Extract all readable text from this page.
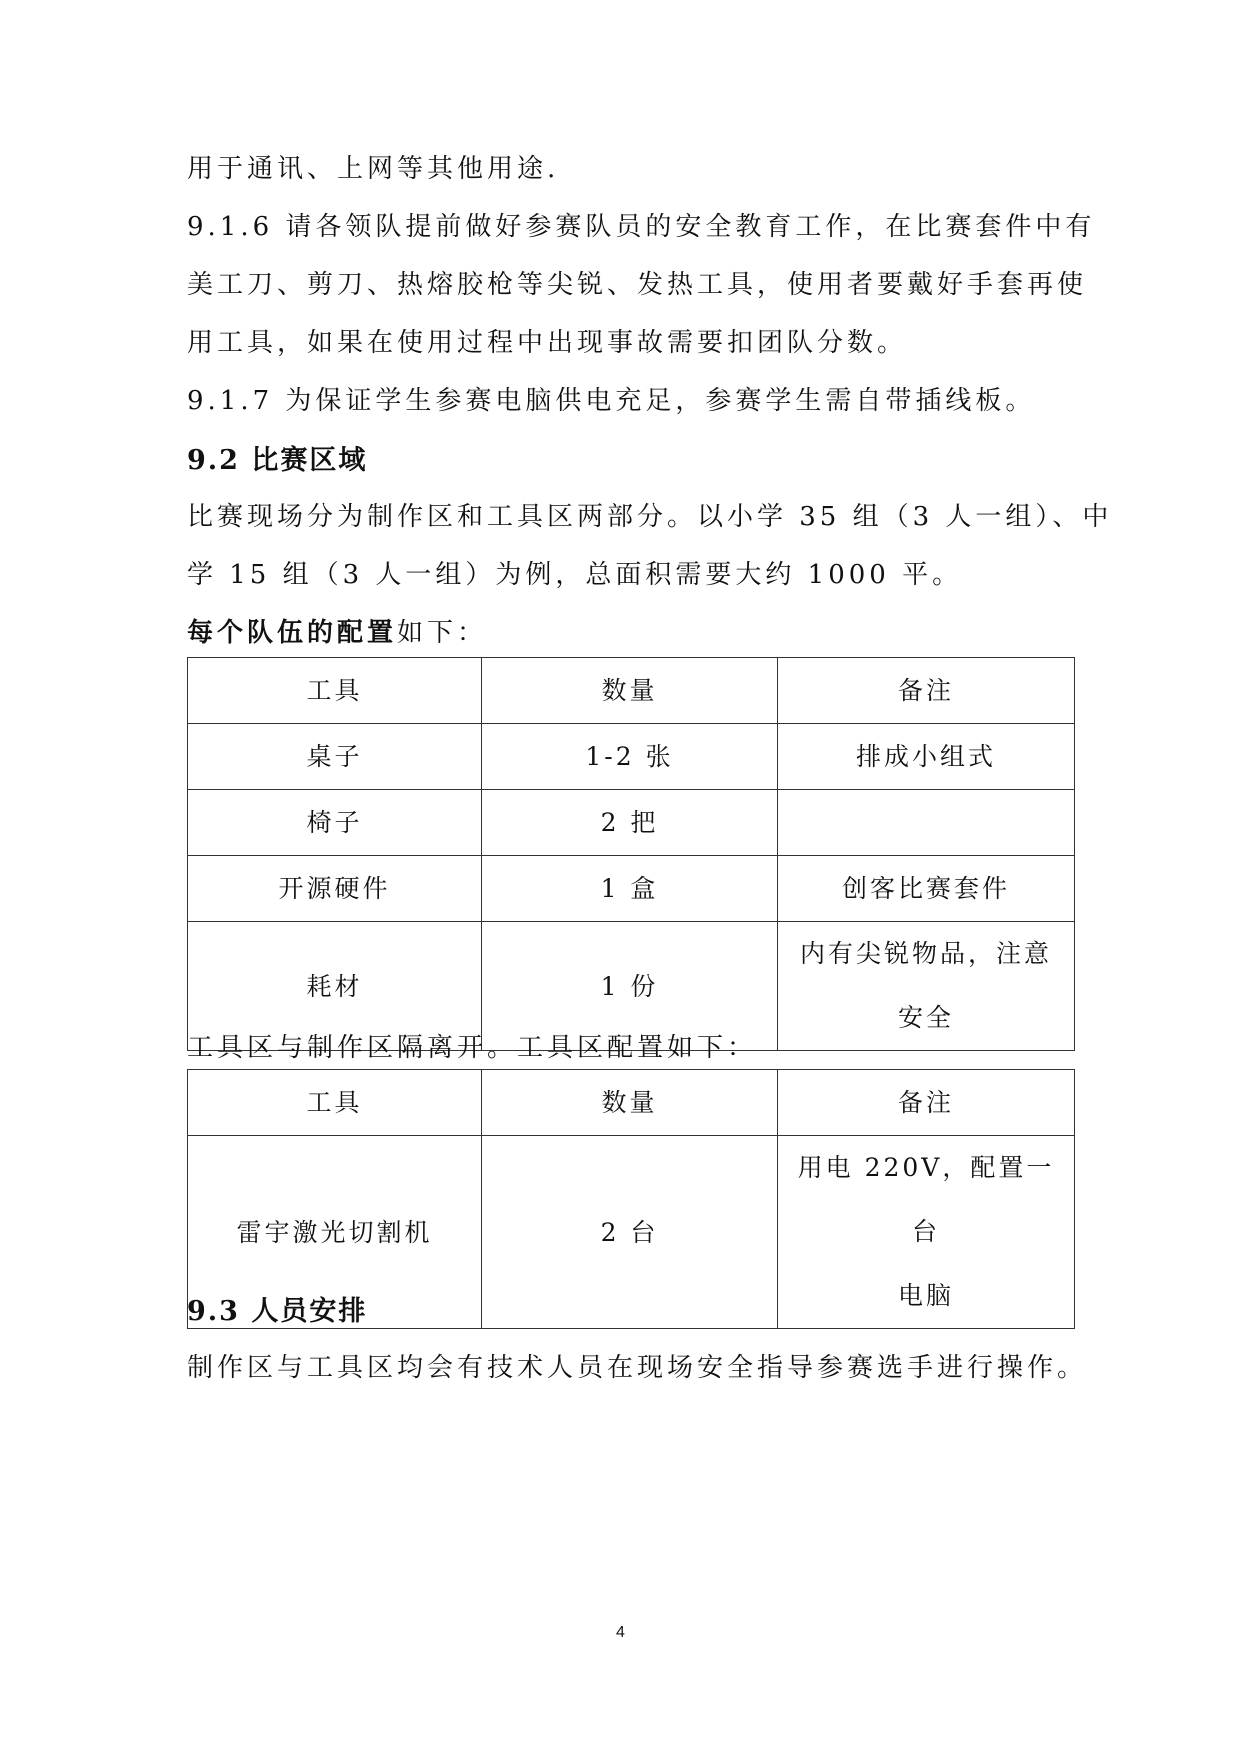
用于通讯、上网等其他用途.
9.1.6 请各领队提前做好参赛队员的安全教育工作，在比赛套件中有
美工刀、剪刀、热熔胶枪等尖锐、发热工具，使用者要戴好手套再使
用工具，如果在使用过程中出现事故需要扣团队分数。
9.1.7 为保证学生参赛电脑供电充足，参赛学生需自带插线板。
9.2 比赛区域
比赛现场分为制作区和工具区两部分。以小学 35 组（3 人一组）、中
学 15 组（3 人一组）为例，总面积需要大约 1000 平。
每个队伍的配置如下：
工具	数量	备注
桌子	1-2 张	排成小组式
椅子	2 把	
开源硬件	1 盒	创客比赛套件
耗材	1 份	内有尖锐物品，注意
安全
工具区与制作区隔离开。工具区配置如下：
工具	数量	备注
雷宇激光切割机	2 台	用电 220V，配置一台
电脑
9.3 人员安排
制作区与工具区均会有技术人员在现场安全指导参赛选手进行操作。
4
